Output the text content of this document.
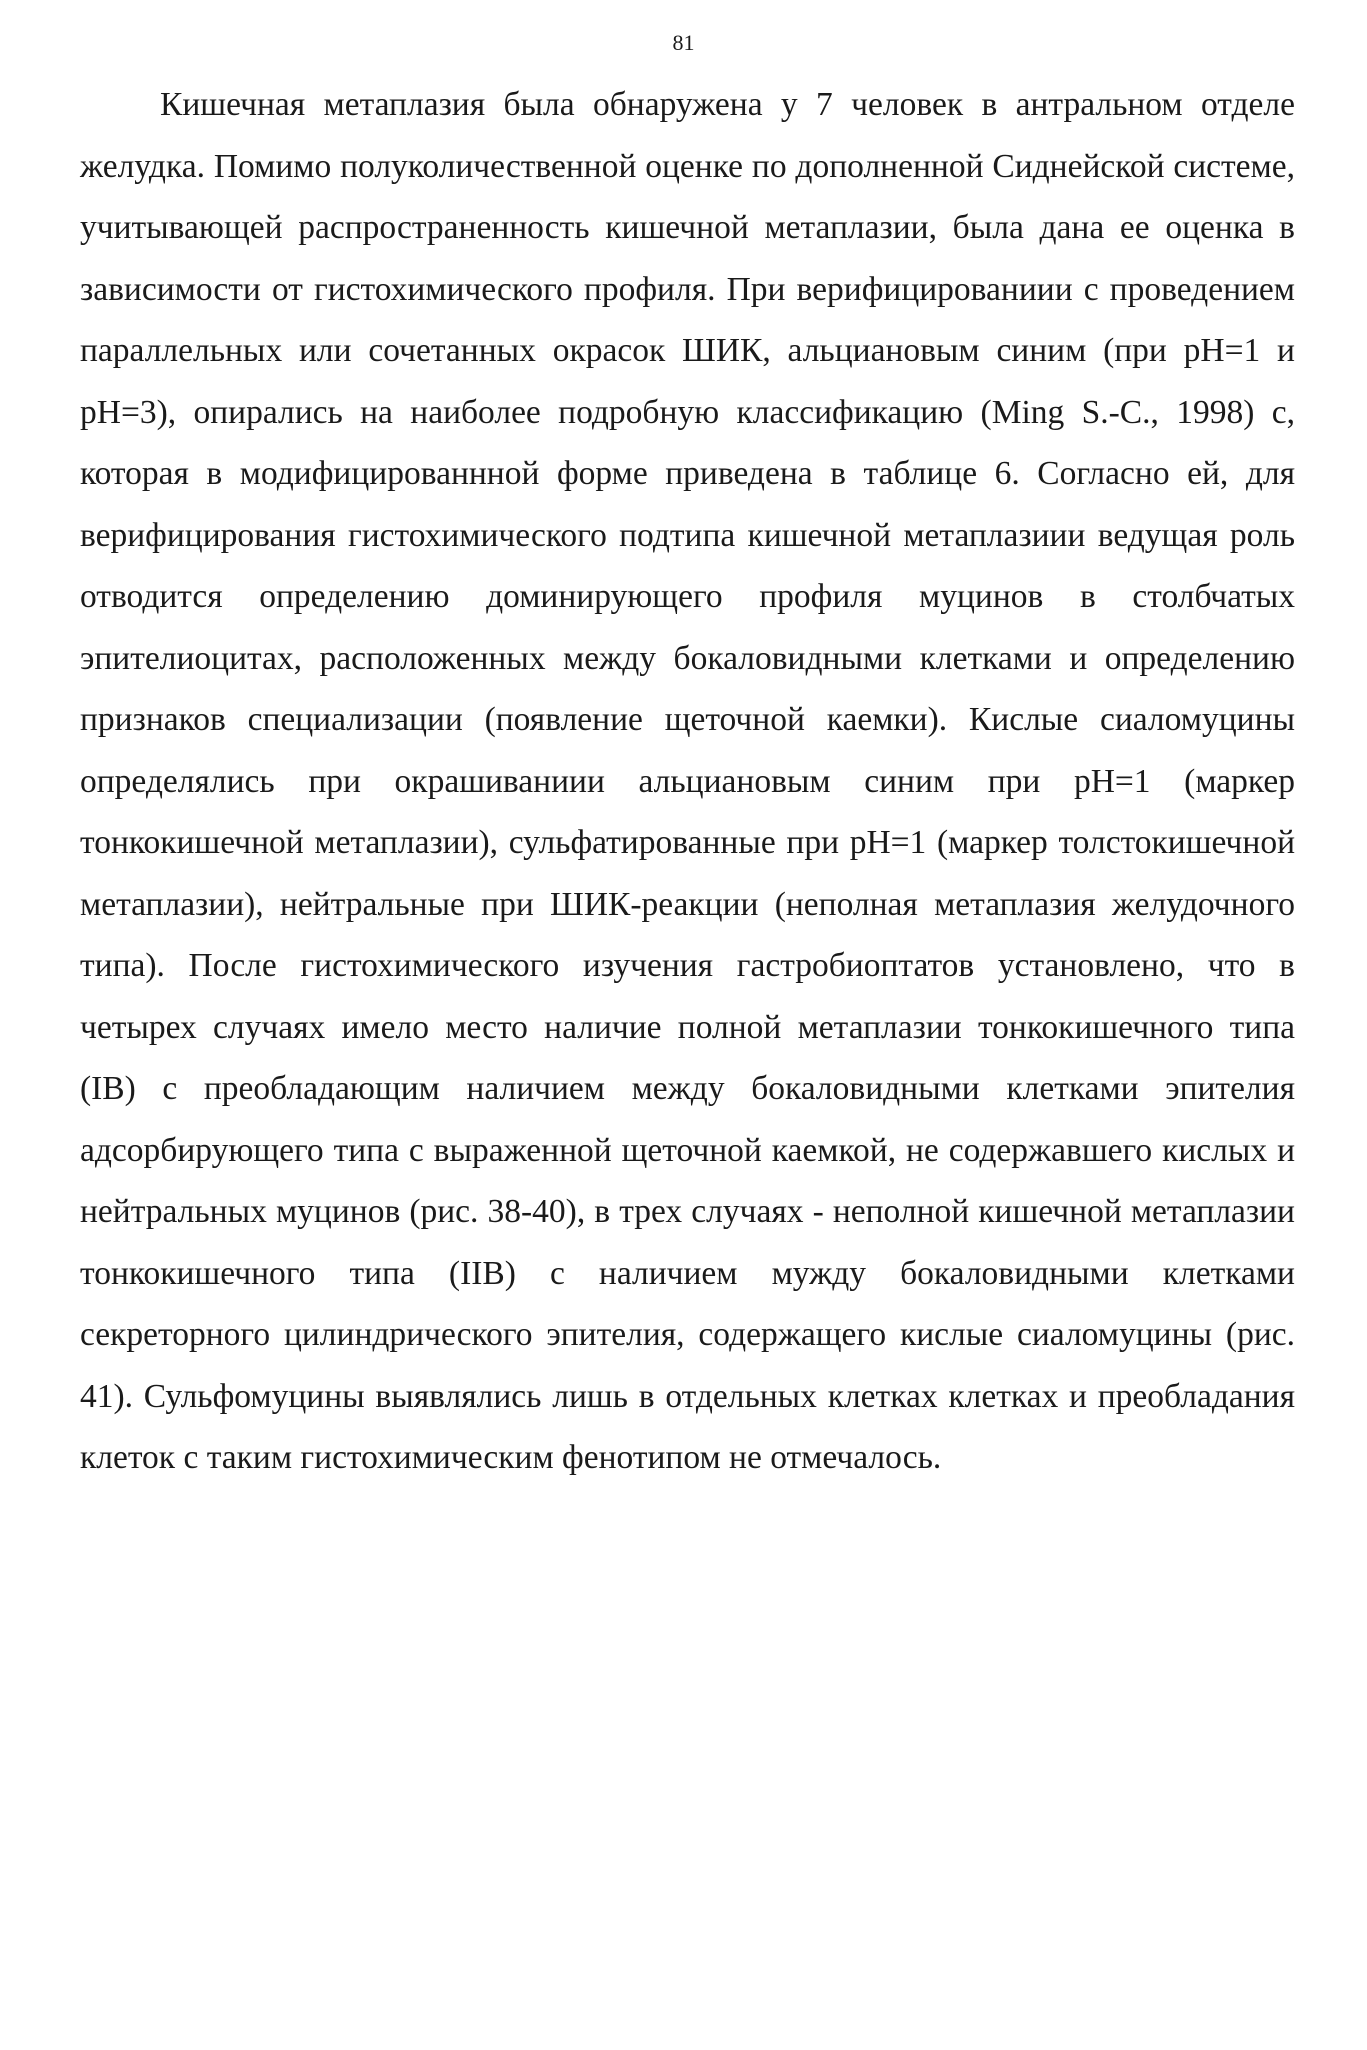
81

Кишечная метаплазия была обнаружена у 7 человек в антральном отделе желудка. Помимо полуколичественной оценке по дополненной Сиднейской системе, учитывающей распространенность кишечной метаплазии, была дана ее оценка в зависимости от гистохимического профиля. При верифицированиии с проведением параллельных или сочетанных окрасок ШИК, альциановым синим (при pH=1 и pH=3), опирались на наиболее подробную классификацию (Ming S.-C., 1998) с, которая в модифицированнной форме приведена в таблице 6. Согласно ей, для верифицирования гистохимического подтипа кишечной метаплазиии ведущая роль отводится определению доминирующего профиля муцинов в столбчатых эпителиоцитах, расположенных между бокаловидными клетками и определению признаков специализации (появление щеточной каемки). Кислые сиаломуцины определялись при окрашиваниии альциановым синим при pH=1 (маркер тонкокишечной метаплазии), сульфатированные при pH=1 (маркер толстокишечной метаплазии), нейтральные при ШИК-реакции (неполная метаплазия желудочного типа). После гистохимического изучения гастробиоптатов установлено, что в четырех случаях имело место наличие полной метаплазии тонкокишечного типа (IB) с преобладающим наличием между бокаловидными клетками эпителия адсорбирующего типа с выраженной щеточной каемкой, не содержавшего кислых и нейтральных муцинов (рис. 38-40), в трех случаях - неполной кишечной метаплазии тонкокишечного типа (IIB) с наличием мужду бокаловидными клетками секреторного цилиндрического эпителия, содержащего кислые сиаломуцины (рис. 41). Сульфомуцины выявлялись лишь в отдельных клетках клетках и преобладания клеток с таким гистохимическим фенотипом не отмечалось.
